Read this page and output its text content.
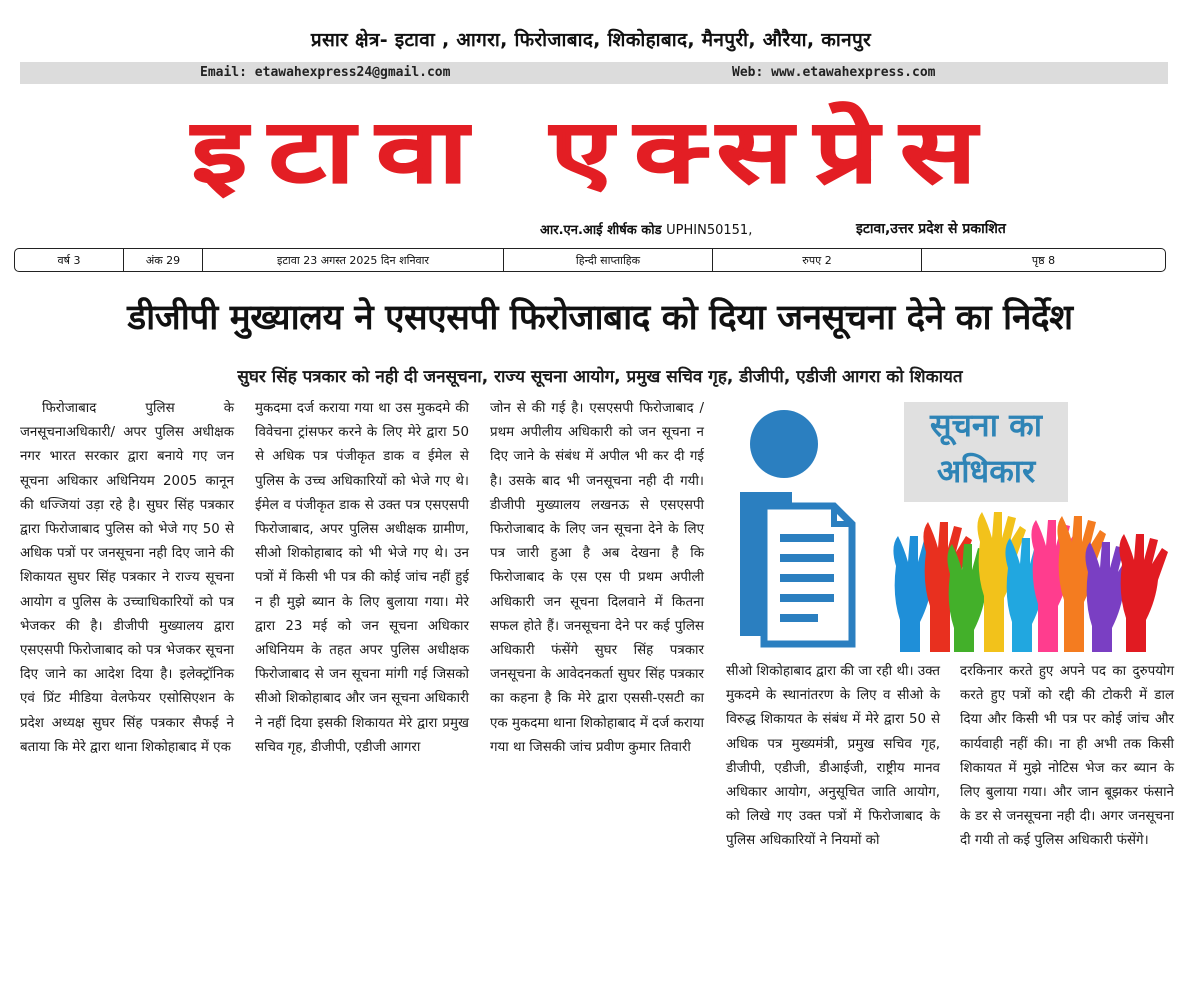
प्रसार क्षेत्र- इटावा , आगरा, फिरोजाबाद, शिकोहाबाद, मैनपुरी, औरैया, कानपुर
Email: etawahexpress24@gmail.com	Web: www.etawahexpress.com
इटावा एक्सप्रेस
आर.एन.आई शीर्षक कोड UPHIN50151,	इटावा,उत्तर प्रदेश से प्रकाशित
वर्ष 3	अंक 29	इटावा 23 अगस्त 2025 दिन शनिवार	हिन्दी साप्ताहिक	रुपए 2	पृष्ठ 8
डीजीपी मुख्यालय ने एसएसपी फिरोजाबाद को दिया जनसूचना देने का निर्देश
सुघर सिंह पत्रकार को नही दी जनसूचना, राज्य सूचना आयोग, प्रमुख सचिव गृह, डीजीपी, एडीजी आगरा को शिकायत

फिरोजाबाद पुलिस के जनसूचनाअधिकारी/ अपर पुलिस अधीक्षक नगर भारत सरकार द्वारा बनाये गए जन सूचना अधिकार अधिनियम 2005 कानून की धज्जियां उड़ा रहे है। सुघर सिंह पत्रकार द्वारा फिरोजाबाद पुलिस को भेजे गए 50 से अधिक पत्रों पर जनसूचना नही दिए जाने की शिकायत सुघर सिंह पत्रकार ने राज्य सूचना आयोग व पुलिस के उच्चाधिकारियों को पत्र भेजकर की है। डीजीपी मुख्यालय द्वारा एसएसपी फिरोजाबाद को पत्र भेजकर सूचना दिए जाने का आदेश दिया है। इलेक्ट्रॉनिक एवं प्रिंट मीडिया वेलफेयर एसोसिएशन के प्रदेश अध्यक्ष सुघर सिंह पत्रकार सैफई ने बताया कि मेरे द्वारा थाना शिकोहाबाद में एक

मुकदमा दर्ज कराया गया था उस मुकदमे की विवेचना ट्रांसफर करने के लिए मेरे द्वारा 50 से अधिक पत्र पंजीकृत डाक व ईमेल से पुलिस के उच्च अधिकारियों को भेजे गए थे। ईमेल व पंजीकृत डाक से उक्त पत्र एसएसपी फिरोजाबाद, अपर पुलिस अधीक्षक ग्रामीण, सीओ शिकोहाबाद को भी भेजे गए थे। उन पत्रों में किसी भी पत्र की कोई जांच नहीं हुई न ही मुझे ब्यान के लिए बुलाया गया। मेरे द्वारा 23 मई को जन सूचना अधिकार अधिनियम के तहत अपर पुलिस अधीक्षक फिरोजाबाद से जन सूचना मांगी गई जिसको सीओ शिकोहाबाद और जन सूचना अधिकारी ने नहीं दिया इसकी शिकायत मेरे द्वारा प्रमुख सचिव गृह, डीजीपी, एडीजी आगरा

जोन से की गई है। एसएसपी फिरोजाबाद /प्रथम अपीलीय अधिकारी को जन सूचना न दिए जाने के संबंध में अपील भी कर दी गई है। उसके बाद भी जनसूचना नही दी गयी। डीजीपी मुख्यालय लखनऊ से एसएसपी फिरोजाबाद के लिए जन सूचना देने के लिए पत्र जारी हुआ है अब देखना है कि फिरोजाबाद के एस एस पी प्रथम अपीली अधिकारी जन सूचना दिलवाने में कितना सफल होते हैं। जनसूचना देने पर कई पुलिस अधिकारी फंसेंगे सुघर सिंह पत्रकार जनसूचना के आवेदनकर्ता सुघर सिंह पत्रकार का कहना है कि मेरे द्वारा एससी-एसटी का एक मुकदमा थाना शिकोहाबाद में दर्ज कराया गया था जिसकी जांच प्रवीण कुमार तिवारी

सूचना का
अधिकार

सीओ शिकोहाबाद द्वारा की जा रही थी। उक्त मुकदमे के स्थानांतरण के लिए व सीओ के विरुद्ध शिकायत के संबंध में मेरे द्वारा 50 से अधिक पत्र मुख्यमंत्री, प्रमुख सचिव गृह, डीजीपी, एडीजी, डीआईजी, राष्ट्रीय मानव अधिकार आयोग, अनुसूचित जाति आयोग, को लिखे गए उक्त पत्रों में फिरोजाबाद के पुलिस अधिकारियों ने नियमों को

दरकिनार करते हुए अपने पद का दुरुपयोग करते हुए पत्रों को रद्दी की टोकरी में डाल दिया और किसी भी पत्र पर कोई जांच और कार्यवाही नहीं की। ना ही अभी तक किसी शिकायत में मुझे नोटिस भेज कर ब्यान के लिए बुलाया गया। और जान बूझकर फंसाने के डर से जनसूचना नही दी। अगर जनसूचना दी गयी तो कई पुलिस अधिकारी फंसेंगे।
